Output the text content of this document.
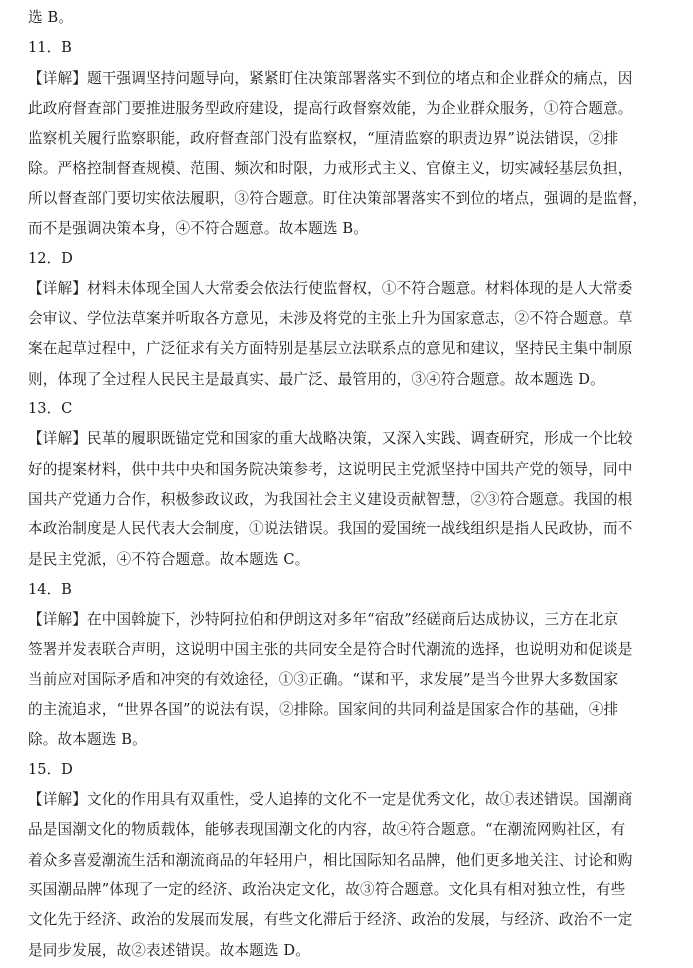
选 B。
11．B
【详解】题干强调坚持问题导向，紧紧盯住决策部署落实不到位的堵点和企业群众的痛点，因
此政府督查部门要推进服务型政府建设，提高行政督察效能，为企业群众服务，①符合题意。
监察机关履行监察职能，政府督查部门没有监察权，“厘清监察的职责边界”说法错误，②排
除。严格控制督查规模、范围、频次和时限，力戒形式主义、官僚主义，切实减轻基层负担，
所以督查部门要切实依法履职，③符合题意。盯住决策部署落实不到位的堵点，强调的是监督，
而不是强调决策本身，④不符合题意。故本题选 B。
12．D
【详解】材料未体现全国人大常委会依法行使监督权，①不符合题意。材料体现的是人大常委
会审议、学位法草案并听取各方意见，未涉及将党的主张上升为国家意志，②不符合题意。草
案在起草过程中，广泛征求有关方面特别是基层立法联系点的意见和建议，坚持民主集中制原
则，体现了全过程人民民主是最真实、最广泛、最管用的，③④符合题意。故本题选 D。
13．C
【详解】民革的履职既锚定党和国家的重大战略决策，又深入实践、调查研究，形成一个比较
好的提案材料，供中共中央和国务院决策参考，这说明民主党派坚持中国共产党的领导，同中
国共产党通力合作，积极参政议政，为我国社会主义建设贡献智慧，②③符合题意。我国的根
本政治制度是人民代表大会制度，①说法错误。我国的爱国统一战线组织是指人民政协，而不
是民主党派，④不符合题意。故本题选 C。
14．B
【详解】在中国斡旋下，沙特阿拉伯和伊朗这对多年“宿敌”经磋商后达成协议，三方在北京
签署并发表联合声明，这说明中国主张的共同安全是符合时代潮流的选择，也说明劝和促谈是
当前应对国际矛盾和冲突的有效途径，①③正确。“谋和平，求发展”是当今世界大多数国家
的主流追求，“世界各国”的说法有误，②排除。国家间的共同利益是国家合作的基础，④排
除。故本题选 B。
15．D
【详解】文化的作用具有双重性，受人追捧的文化不一定是优秀文化，故①表述错误。国潮商
品是国潮文化的物质载体，能够表现国潮文化的内容，故④符合题意。“在潮流网购社区，有
着众多喜爱潮流生活和潮流商品的年轻用户，相比国际知名品牌，他们更多地关注、讨论和购
买国潮品牌”体现了一定的经济、政治决定文化，故③符合题意。文化具有相对独立性，有些
文化先于经济、政治的发展而发展，有些文化滞后于经济、政治的发展，与经济、政治不一定
是同步发展，故②表述错误。故本题选 D。
